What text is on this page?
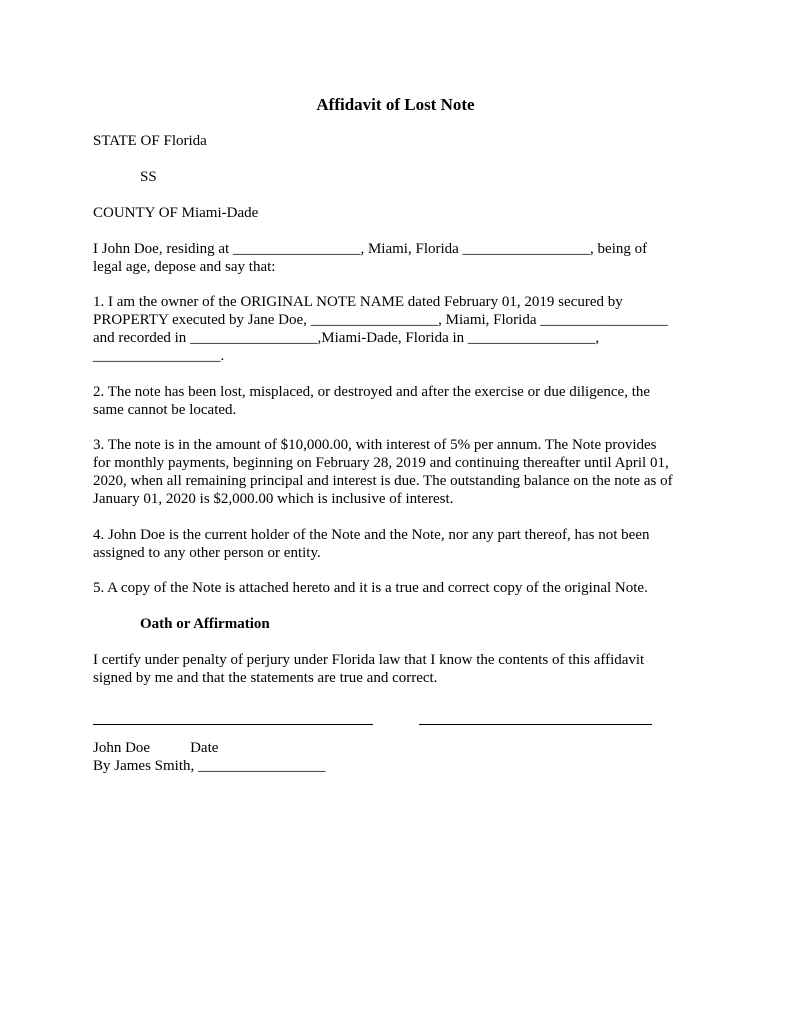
Affidavit of Lost Note
STATE OF Florida
SS
COUNTY OF Miami-Dade
I John Doe, residing at _________________, Miami, Florida _________________, being of
legal age, depose and say that:
1. I am the owner of the ORIGINAL NOTE NAME dated February 01, 2019 secured by
PROPERTY executed by Jane Doe, _________________, Miami, Florida _________________
and recorded in _________________,Miami-Dade, Florida in _________________,
_________________.
2. The note has been lost, misplaced, or destroyed and after the exercise or due diligence, the
same cannot be located.
3. The note is in the amount of $10,000.00, with interest of 5% per annum. The Note provides
for monthly payments, beginning on February 28, 2019 and continuing thereafter until April 01,
2020, when all remaining principal and interest is due. The outstanding balance on the note as of
January 01, 2020 is $2,000.00 which is inclusive of interest.
4. John Doe is the current holder of the Note and the Note, nor any part thereof, has not been
assigned to any other person or entity.
5. A copy of the Note is attached hereto and it is a true and correct copy of the original Note.
Oath or Affirmation
I certify under penalty of perjury under Florida law that I know the contents of this affidavit
signed by me and that the statements are true and correct.
John Doe	Date
By James Smith, _________________
